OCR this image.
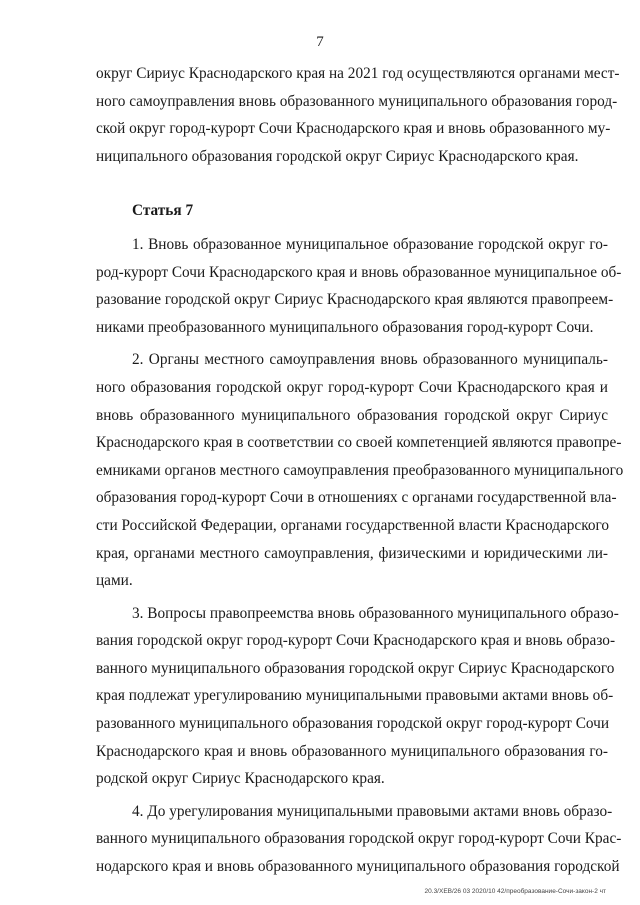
7
округ Сириус Краснодарского края на 2021 год осуществляются органами мест-
ного самоуправления вновь образованного муниципального образования город-
ской округ город-курорт Сочи Краснодарского края и вновь образованного му-
ниципального образования городской округ Сириус Краснодарского края.
Статья 7
1. Вновь образованное муниципальное образование городской округ го-
род-курорт Сочи Краснодарского края и вновь образованное муниципальное об-
разование городской округ Сириус Краснодарского края являются правопреем-
никами преобразованного муниципального образования город-курорт Сочи.
2. Органы местного самоуправления вновь образованного муниципаль-
ного образования городской округ город-курорт Сочи Краснодарского края и
вновь образованного муниципального образования городской округ Сириус
Краснодарского края в соответствии со своей компетенцией являются правопре-
емниками органов местного самоуправления преобразованного муниципального
образования город-курорт Сочи в отношениях с органами государственной вла-
сти Российской Федерации, органами государственной власти Краснодарского
края, органами местного самоуправления, физическими и юридическими ли-
цами.
3. Вопросы правопреемства вновь образованного муниципального образо-
вания городской округ город-курорт Сочи Краснодарского края и вновь образо-
ванного муниципального образования городской округ Сириус Краснодарского
края подлежат урегулированию муниципальными правовыми актами вновь об-
разованного муниципального образования городской округ город-курорт Сочи
Краснодарского края и вновь образованного муниципального образования го-
родской округ Сириус Краснодарского края.
4. До урегулирования муниципальными правовыми актами вновь образо-
ванного муниципального образования городской округ город-курорт Сочи Крас-
нодарского края и вновь образованного муниципального образования городской
20.3/XEB/26 03 2020/10 42/преобразование-Сочи-закон-2 чт
